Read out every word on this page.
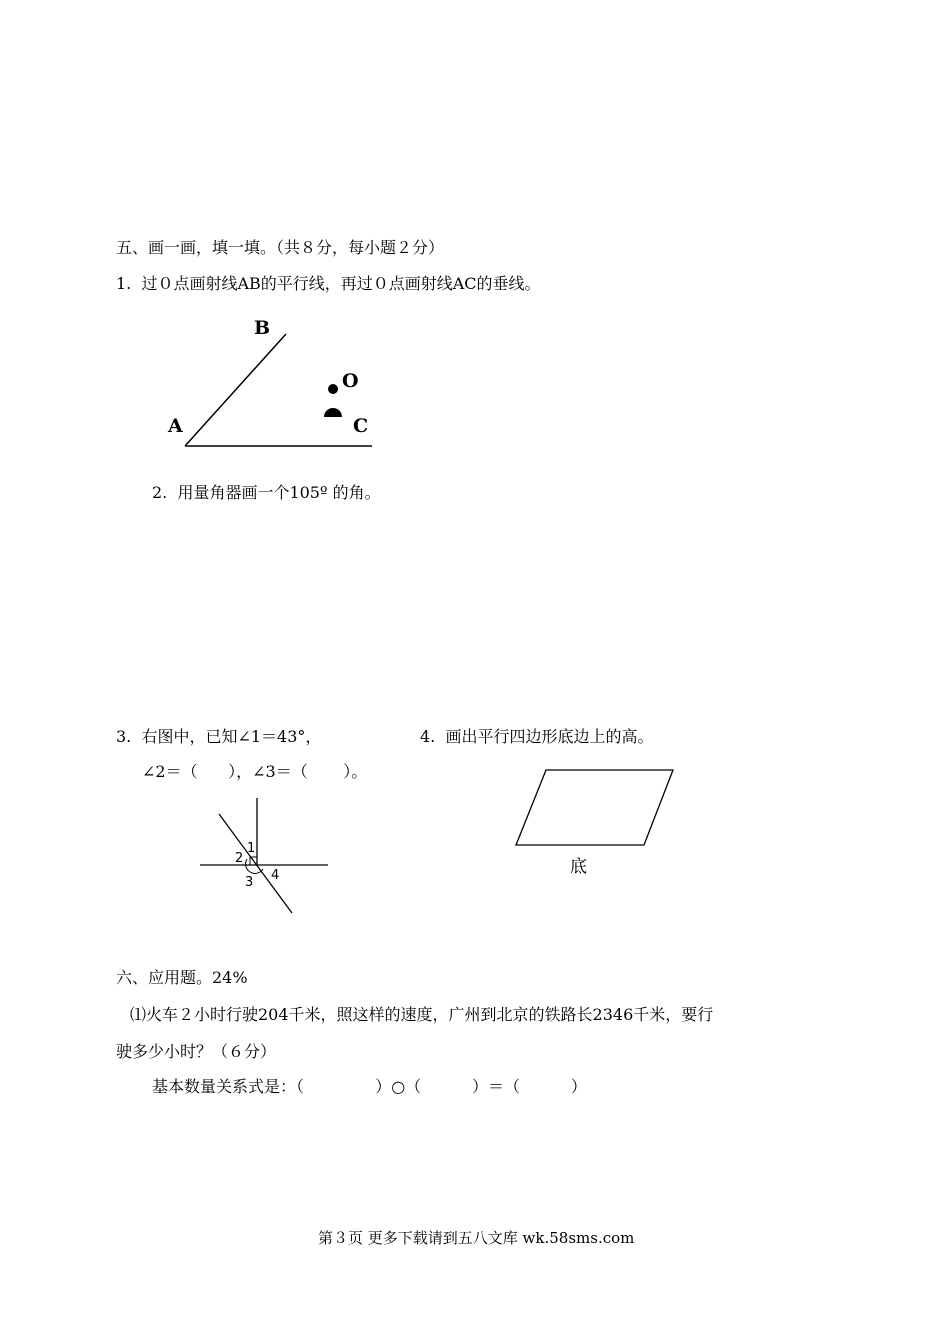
五、画一画，填一填。（共８分，每小题２分）
1.  过０点画射线AB的平行线，再过０点画射线AC的垂线。
B
O
A	C
2.  用量角器画一个105º 的角。
3.  右图中，已知∠1＝43°，
∠2＝（      ），∠3＝（       ）。
1
2
3 4
4.  画出平行四边形底边上的高。
底
六、应用题。24%
⑴火车２小时行驶204千米，照这样的速度，广州到北京的铁路长2346千米，要行
驶多少小时？（６分）
基本数量关系式是：（              ）○（          ）＝（          ）
第３页 更多下载请到五八文库 wk.58sms.com
